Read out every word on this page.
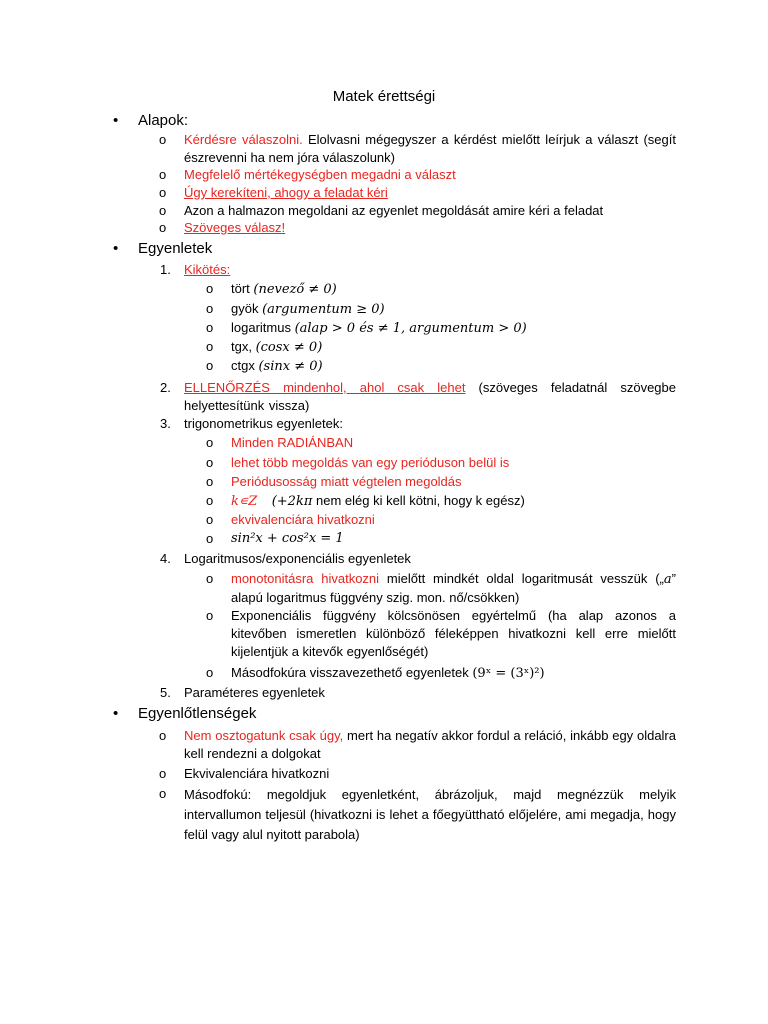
Matek érettségi
• Alapok:
o	Kérdésre válaszolni. Elolvasni mégegyszer a kérdést mielőtt leírjuk a választ (segít észrevenni ha nem jóra válaszolunk)
o	Megfelelő mértékegységben megadni a választ
o	Úgy kerekíteni, ahogy a feladat kéri
o	Azon a halmazon megoldani az egyenlet megoldását amire kéri a feladat
o	Szöveges válasz!
• Egyenletek
1.	Kikötés:
o	tört (nevező ≠ 0)
o	gyök (argumentum ≥ 0)
o	logaritmus (alap > 0 és ≠ 1, argumentum > 0)
o	tgx, (cosx ≠ 0)
o	ctgx (sinx ≠ 0)
2.	ELLENŐRZÉS mindenhol, ahol csak lehet (szöveges feladatnál szövegbe helyettesítünk vissza)
3.	trigonometrikus egyenletek:
o	Minden RADIÁNBAN
o	lehet több megoldás van egy perióduson belül is
o	Periódusosság miatt végtelen megoldás
o	k∊Z (+2kπ nem elég ki kell kötni, hogy k egész)
o	ekvivalenciára hivatkozni
o	sin²x + cos²x = 1
4.	Logaritmusos/exponenciális egyenletek
o	monotonitásra hivatkozni mielőtt mindkét oldal logaritmusát vesszük („a” alapú logaritmus függvény szig. mon. nő/csökken)
o	Exponenciális függvény kölcsönösen egyértelmű (ha alap azonos a kitevőben ismeretlen különböző féleképpen hivatkozni kell erre mielőtt kijelentjük a kitevők egyenlőségét)
o	Másodfokúra visszavezethető egyenletek (9ˣ = (3ˣ)²)
5.	Paraméteres egyenletek
• Egyenlőtlenségek
o	Nem osztogatunk csak úgy, mert ha negatív akkor fordul a reláció, inkább egy oldalra kell rendezni a dolgokat
o	Ekvivalenciára hivatkozni
o	Másodfokú: megoldjuk egyenletként, ábrázoljuk, majd megnézzük melyik intervallumon teljesül (hivatkozni is lehet a főegyüttható előjelére, ami megadja, hogy felül vagy alul nyitott parabola)
